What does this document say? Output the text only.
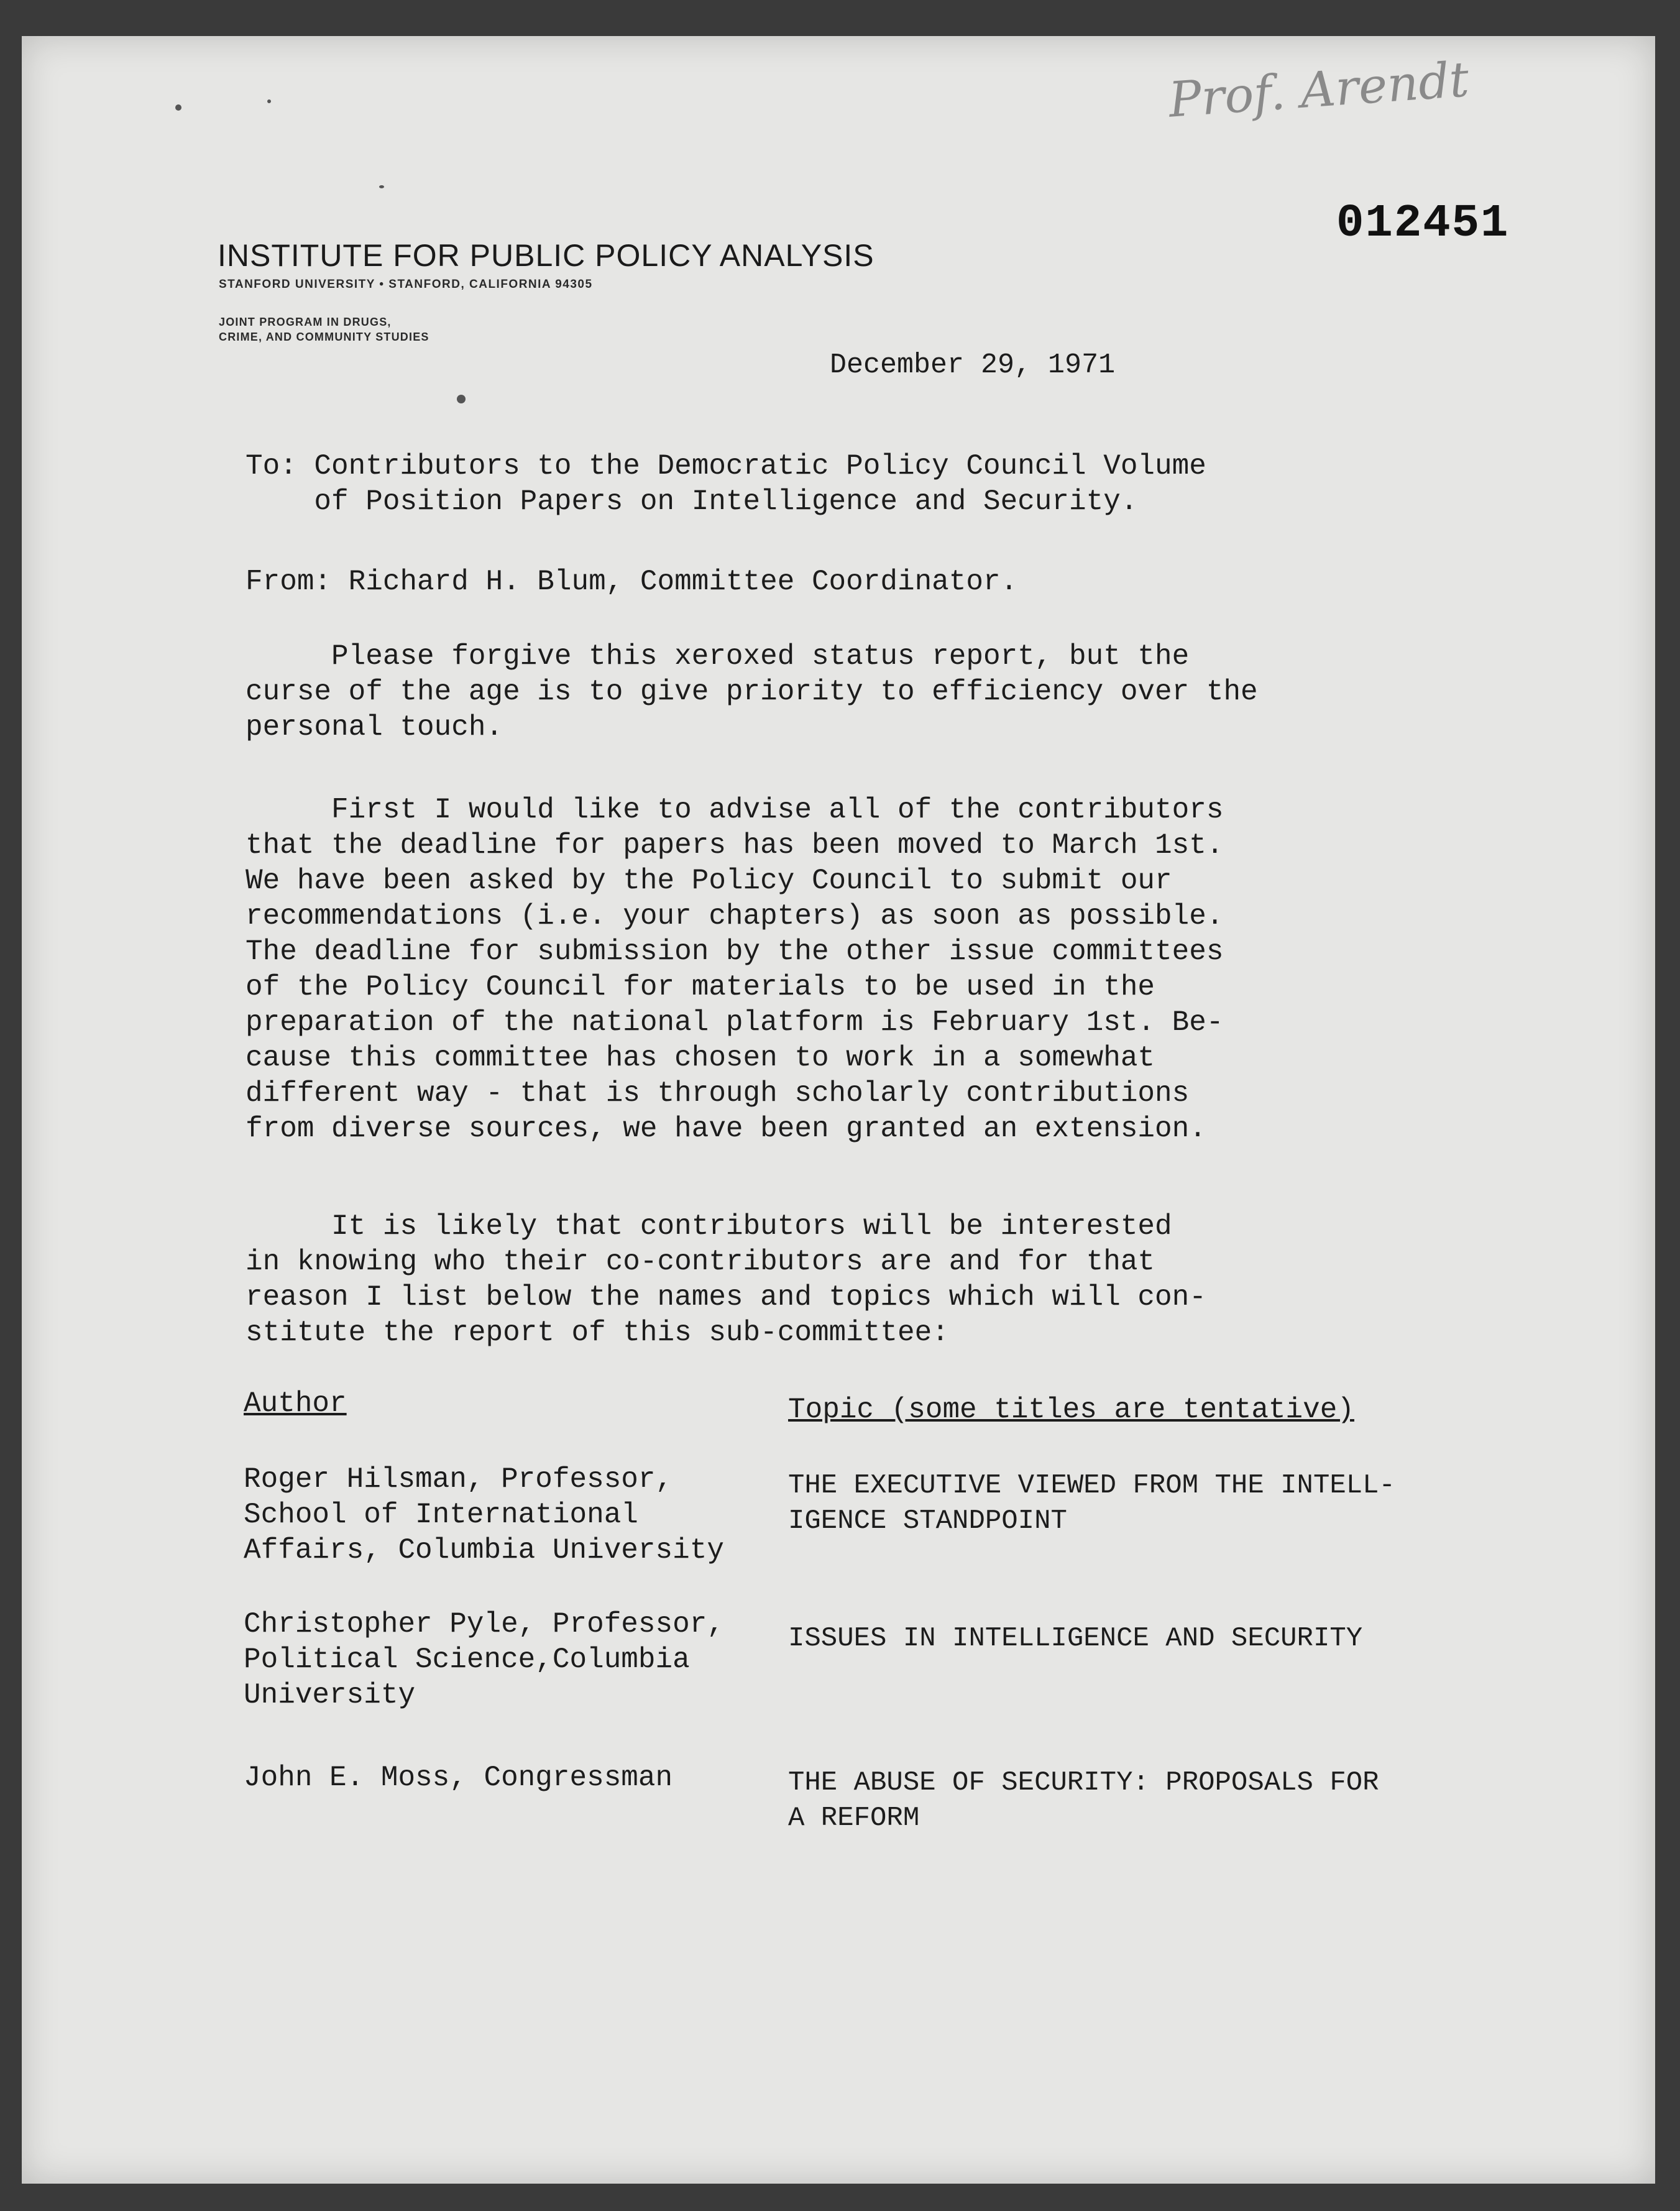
Prof. Arendt
012451
INSTITUTE FOR PUBLIC POLICY ANALYSIS
STANFORD UNIVERSITY • STANFORD, CALIFORNIA 94305
JOINT PROGRAM IN DRUGS,
CRIME, AND COMMUNITY STUDIES
December 29, 1971
To: Contributors to the Democratic Policy Council Volume
of Position Papers on Intelligence and Security.
From: Richard H. Blum, Committee Coordinator.
Please forgive this xeroxed status report, but the
curse of the age is to give priority to efficiency over the
personal touch.
First I would like to advise all of the contributors
that the deadline for papers has been moved to March 1st.
We have been asked by the Policy Council to submit our
recommendations (i.e. your chapters) as soon as possible.
The deadline for submission by the other issue committees
of the Policy Council for materials to be used in the
preparation of the national platform is February 1st. Be-
cause this committee has chosen to work in a somewhat
different way - that is through scholarly contributions
from diverse sources, we have been granted an extension.
It is likely that contributors will be interested
in knowing who their co-contributors are and for that
reason I list below the names and topics which will con-
stitute the report of this sub-committee:
Author	Topic (some titles are tentative)
Roger Hilsman, Professor,
School of International
Affairs, Columbia University
THE EXECUTIVE VIEWED FROM THE INTELL-
IGENCE STANDPOINT
Christopher Pyle, Professor,
Political Science,Columbia
University
ISSUES IN INTELLIGENCE AND SECURITY
John E. Moss, Congressman	THE ABUSE OF SECURITY: PROPOSALS FOR
A REFORM
